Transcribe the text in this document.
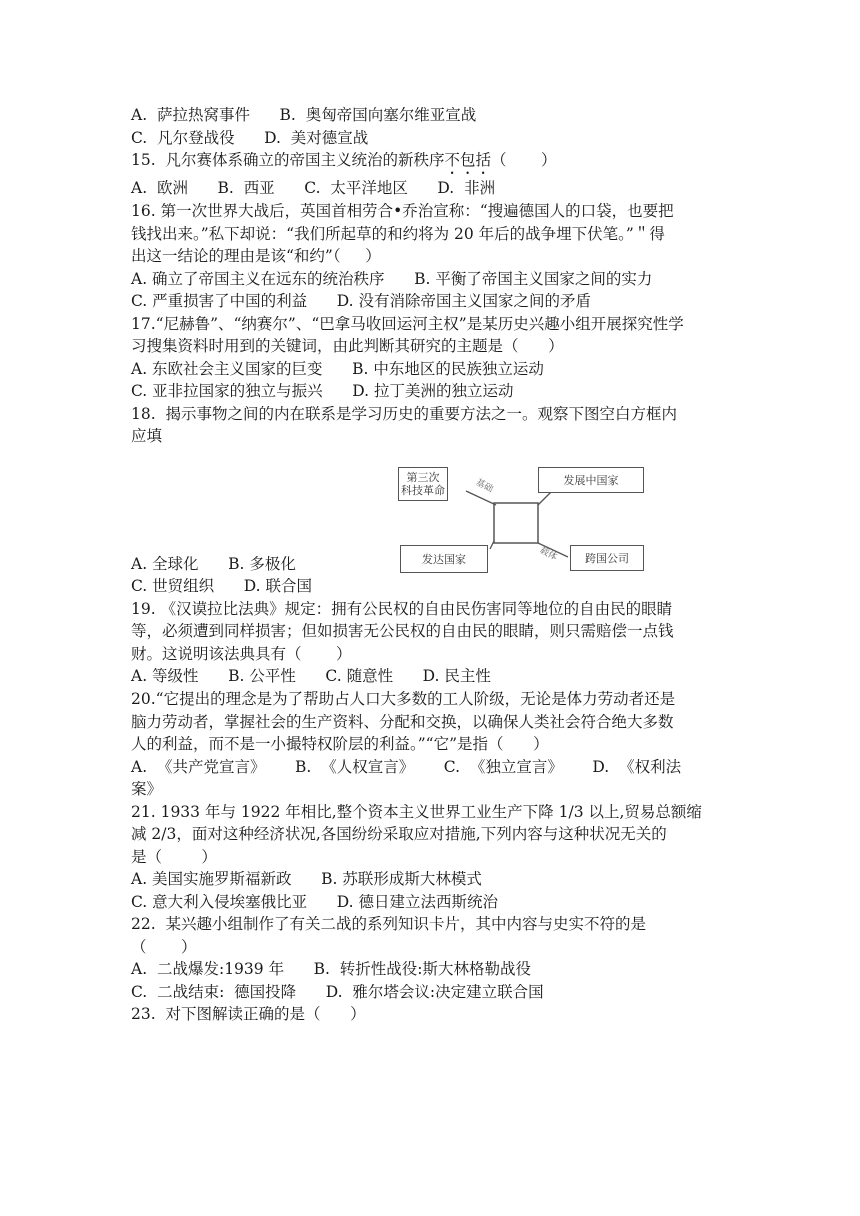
A.  萨拉热窝事件      B.  奥匈帝国向塞尔维亚宣战
C.  凡尔登战役      D.  美对德宣战
15.  凡尔赛体系确立的帝国主义统治的新秩序不包括（       ）
A.  欧洲      B.  西亚      C.  太平洋地区      D.  非洲
16. 第一次世界大战后，英国首相劳合•乔治宣称：“搜遍德国人的口袋，也要把
钱找出来。”私下却说：“我们所起草的和约将为 20 年后的战争埋下伏笔。”＂得
出这一结论的理由是该“和约”（     ）
A. 确立了帝国主义在远东的统治秩序      B. 平衡了帝国主义国家之间的实力
C. 严重损害了中国的利益      D. 没有消除帝国主义国家之间的矛盾
17.“尼赫鲁”、“纳赛尔”、“巴拿马收回运河主权”是某历史兴趣小组开展探究性学
习搜集资料时用到的关键词，由此判断其研究的主题是（      ）
A. 东欧社会主义国家的巨变      B. 中东地区的民族独立运动
C. 亚非拉国家的独立与振兴      D. 拉丁美洲的独立运动
18.  揭示事物之间的内在联系是学习历史的重要方法之一。观察下图空白方框内
应填
第三次
科技革命
发展中国家
发达国家	跨国公司
基础
载体
A. 全球化      B. 多极化
C. 世贸组织      D. 联合国
19. 《汉谟拉比法典》规定：拥有公民权的自由民伤害同等地位的自由民的眼睛
等，必须遭到同样损害；但如损害无公民权的自由民的眼睛，则只需赔偿一点钱
财。这说明该法典具有（       ）
A. 等级性      B. 公平性      C. 随意性      D. 民主性
20.“它提出的理念是为了帮助占人口大多数的工人阶级，无论是体力劳动者还是
脑力劳动者，掌握社会的生产资料、分配和交换，以确保人类社会符合绝大多数
人的利益，而不是一小撮特权阶层的利益。”“它”是指（      ）
A.  《共产党宣言》      B.  《人权宣言》      C.  《独立宣言》      D.  《权利法
案》
21. 1933 年与 1922 年相比,整个资本主义世界工业生产下降 1/3 以上,贸易总额缩
减 2/3，面对这种经济状况,各国纷纷采取应对措施,下列内容与这种状况无关的
是（        ）
A. 美国实施罗斯福新政      B. 苏联形成斯大林模式
C. 意大利入侵埃塞俄比亚      D. 德日建立法西斯统治
22.  某兴趣小组制作了有关二战的系列知识卡片，其中内容与史实不符的是
（       ）
A.  二战爆发:1939 年      B.  转折性战役:斯大林格勒战役
C.  二战结束:  德国投降      D.  雅尔塔会议:决定建立联合国
23.  对下图解读正确的是（      ）
